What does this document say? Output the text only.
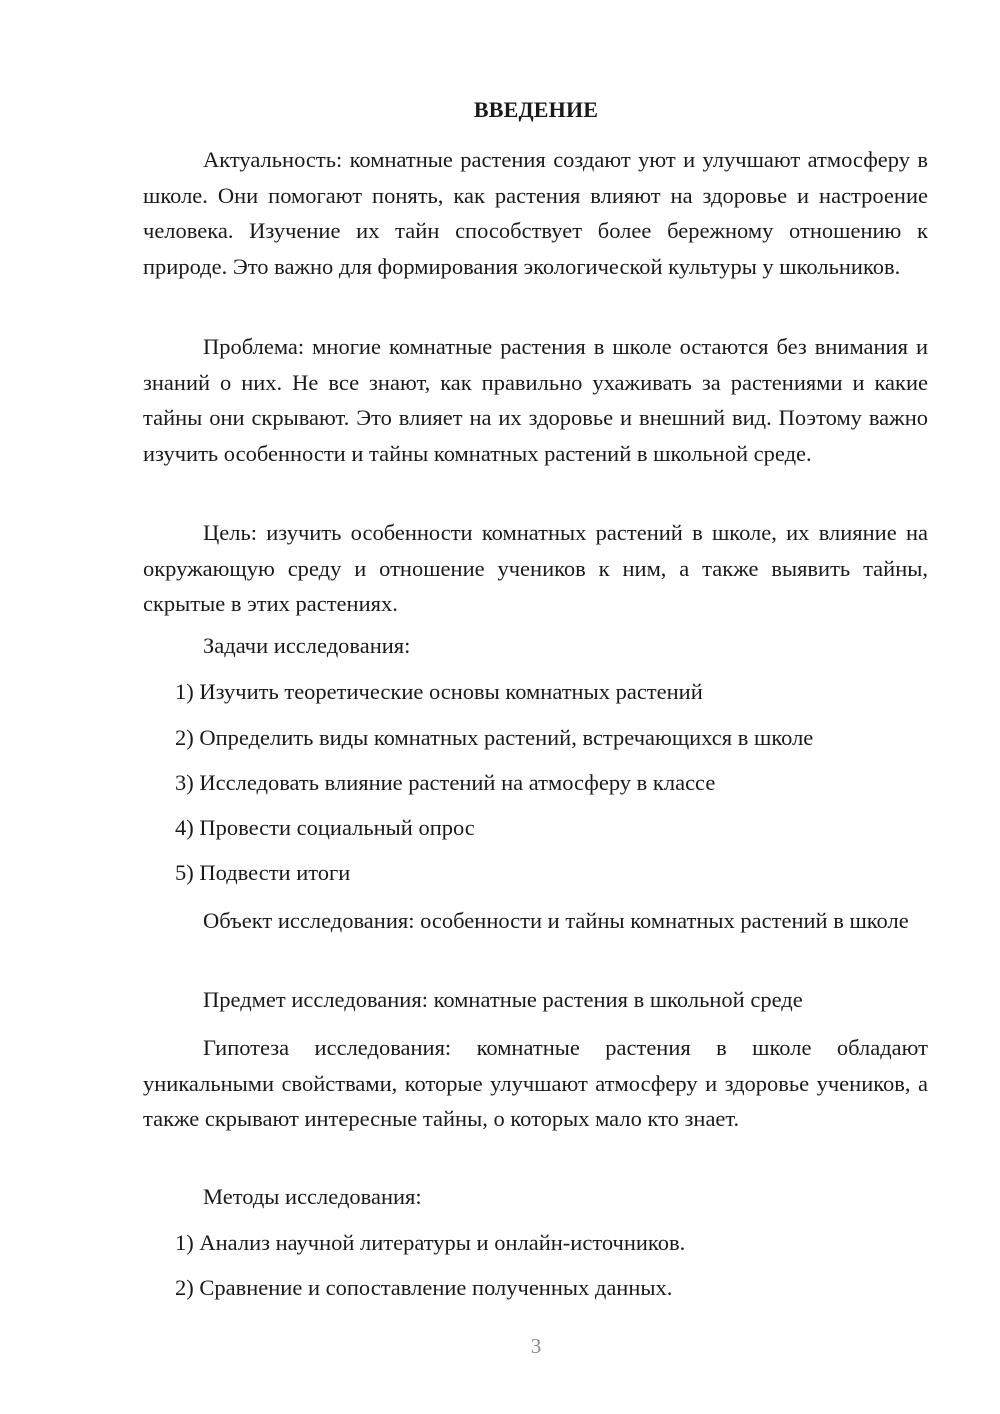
ВВЕДЕНИЕ

Актуальность: комнатные растения создают уют и улучшают атмосферу в школе. Они помогают понять, как растения влияют на здоровье и настроение человека. Изучение их тайн способствует более бережному отношению к природе. Это важно для формирования экологической культуры у школьников.

Проблема: многие комнатные растения в школе остаются без внимания и знаний о них. Не все знают, как правильно ухаживать за растениями и какие тайны они скрывают. Это влияет на их здоровье и внешний вид. Поэтому важно изучить особенности и тайны комнатных растений в школьной среде.

Цель: изучить особенности комнатных растений в школе, их влияние на окружающую среду и отношение учеников к ним, а также выявить тайны, скрытые в этих растениях.

Задачи исследования:

1) Изучить теоретические основы комнатных растений

2) Определить виды комнатных растений, встречающихся в школе

3) Исследовать влияние растений на атмосферу в классе

4) Провести социальный опрос

5) Подвести итоги

Объект исследования: особенности и тайны комнатных растений в школе

Предмет исследования: комнатные растения в школьной среде

Гипотеза исследования: комнатные растения в школе обладают уникальными свойствами, которые улучшают атмосферу и здоровье учеников, а также скрывают интересные тайны, о которых мало кто знает.

Методы исследования:

1) Анализ научной литературы и онлайн-источников.

2) Сравнение и сопоставление полученных данных.

3
